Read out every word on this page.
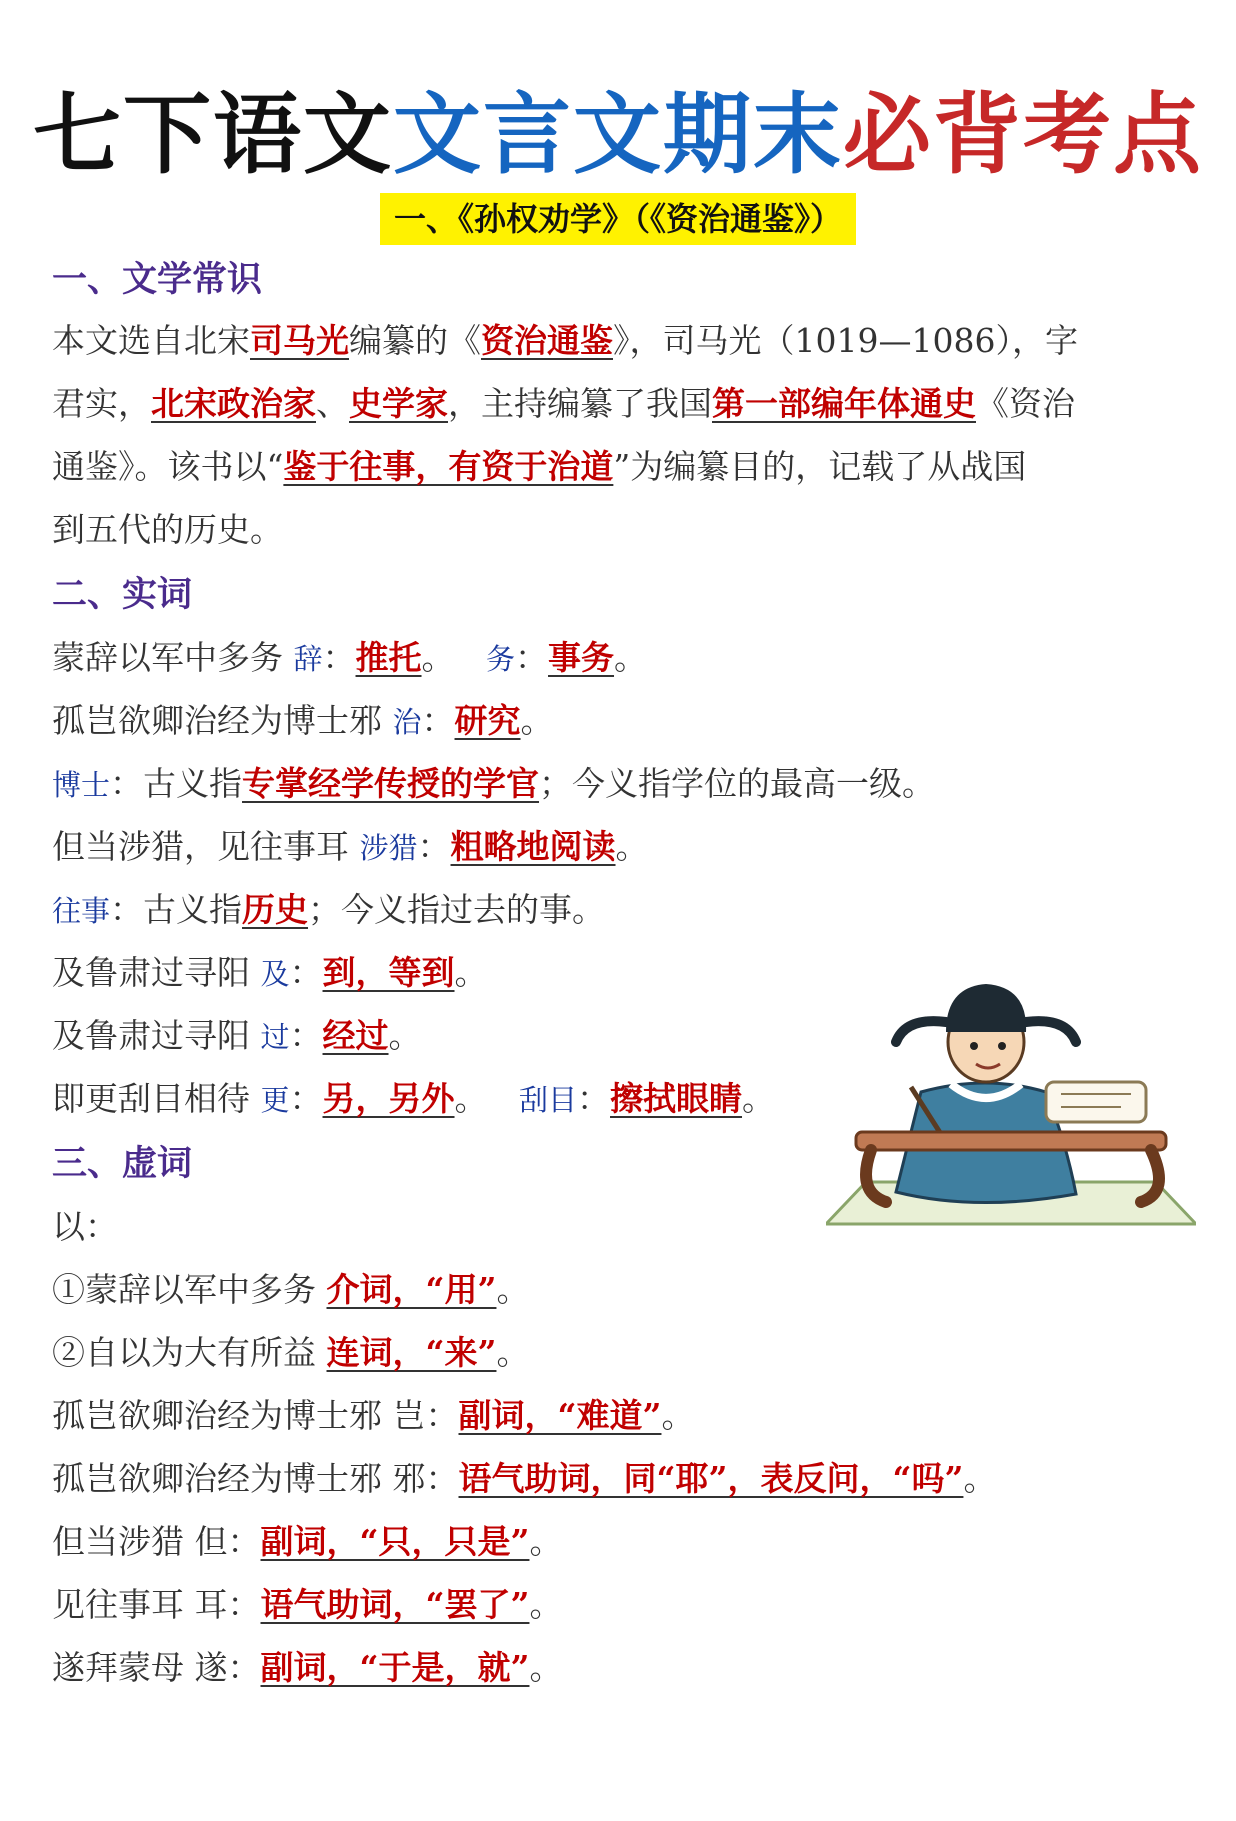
七下语文文言文期末必背考点
一、《孙权劝学》（《资治通鉴》）
一、文学常识
本文选自北宋司马光编纂的《资治通鉴》，司马光（1019—1086），字
君实，北宋政治家、史学家，主持编纂了我国第一部编年体通史《资治
通鉴》。该书以“鉴于往事，有资于治道”为编纂目的，记载了从战国
到五代的历史。
二、实词
蒙辞以军中多务 辞：推托。   务：事务。
孤岂欲卿治经为博士邪 治：研究。
博士：古义指专掌经学传授的学官；今义指学位的最高一级。
但当涉猎，见往事耳 涉猎：粗略地阅读。
往事：古义指历史；今义指过去的事。
及鲁肃过寻阳 及：到，等到。
及鲁肃过寻阳 过：经过。
即更刮目相待 更：另，另外。   刮目：擦拭眼睛。
三、虚词
以：
①蒙辞以军中多务 介词，“用”。
②自以为大有所益 连词，“来”。
孤岂欲卿治经为博士邪 岂：副词，“难道”。
孤岂欲卿治经为博士邪 邪：语气助词，同“耶”，表反问，“吗”。
但当涉猎 但：副词，“只，只是”。
见往事耳 耳：语气助词，“罢了”。
遂拜蒙母 遂：副词，“于是，就”。
